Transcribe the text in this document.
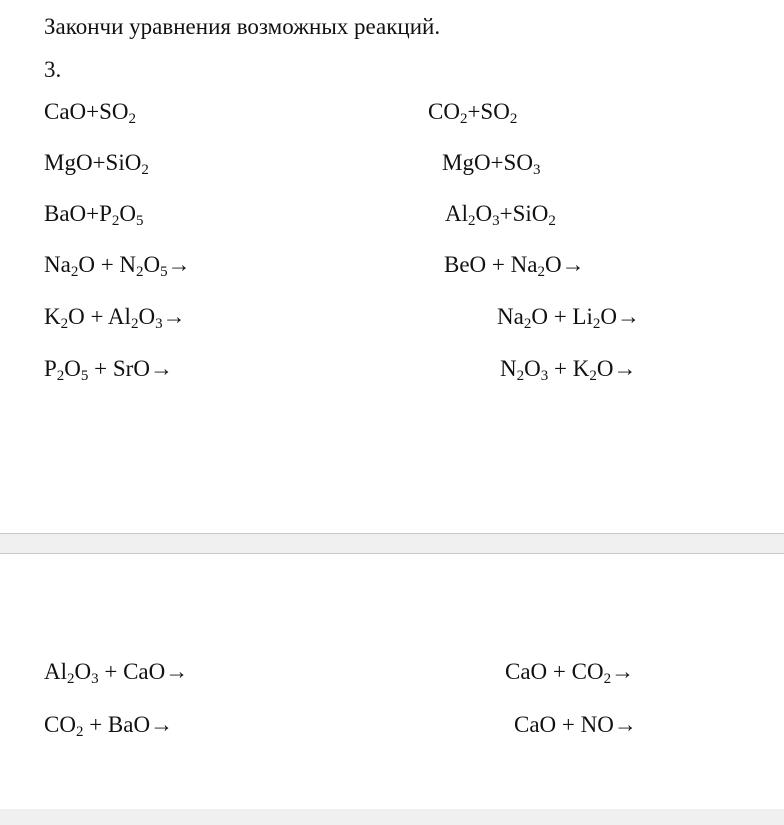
Закончи уравнения возможных реакций.
3.
$CaO+SO_2$	$CO_2+SO_2$
MgO+SiO$_2$	$MgO+SO_3$
$BaO+P_2O_5$	$Al_2O_3+SiO_2$
$Na_2O + N_2O_5\to$	BeO + $Na_2O\to$
$K_2O + Al_2O_3\to$	$Na_2O + Li_2O\to$
$P_2O_5 + SrO\to$	$N_2O_3 + K_2O\to$
$Al_2O_3 + CaO\to$	CaO + $CO_2\to$
$CO_2 + BaO\to$	CaO + NO→
